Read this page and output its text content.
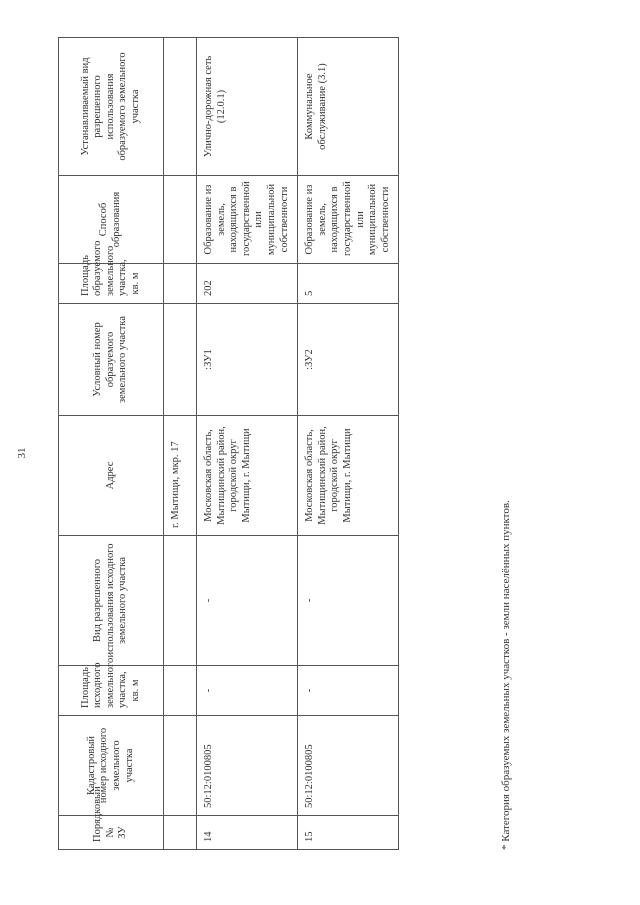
31
Порядковый № ЗУ	Кадастровый номер исходного земельного участка	Площадь исходного земельного участка, кв. м	Вид разрешенного использования исходного земельного участка	Адрес	Условный номер образуемого земельного участка	Площадь образуемого земельного участка, кв. м	Способ образования	Устанавливаемый вид разрешенного использования образуемого земельного участка
				г. Мытищи, мкр. 17				
14	50:12:0100805	-	-	Московская область, Мытищинский район, городской округ Мытищи, г. Мытищи	:ЗУ1	202	Образование из земель, находящихся в государственной или муниципальной собственности	Улично-дорожная сеть (12.0.1)
15	50:12:0100805	-	-	Московская область, Мытищинский район, городской округ Мытищи, г. Мытищи	:ЗУ2	5	Образование из земель, находящихся в государственной или муниципальной собственности	Коммунальное обслуживание (3.1)
* Категория образуемых земельных участков - земли населённых пунктов.
